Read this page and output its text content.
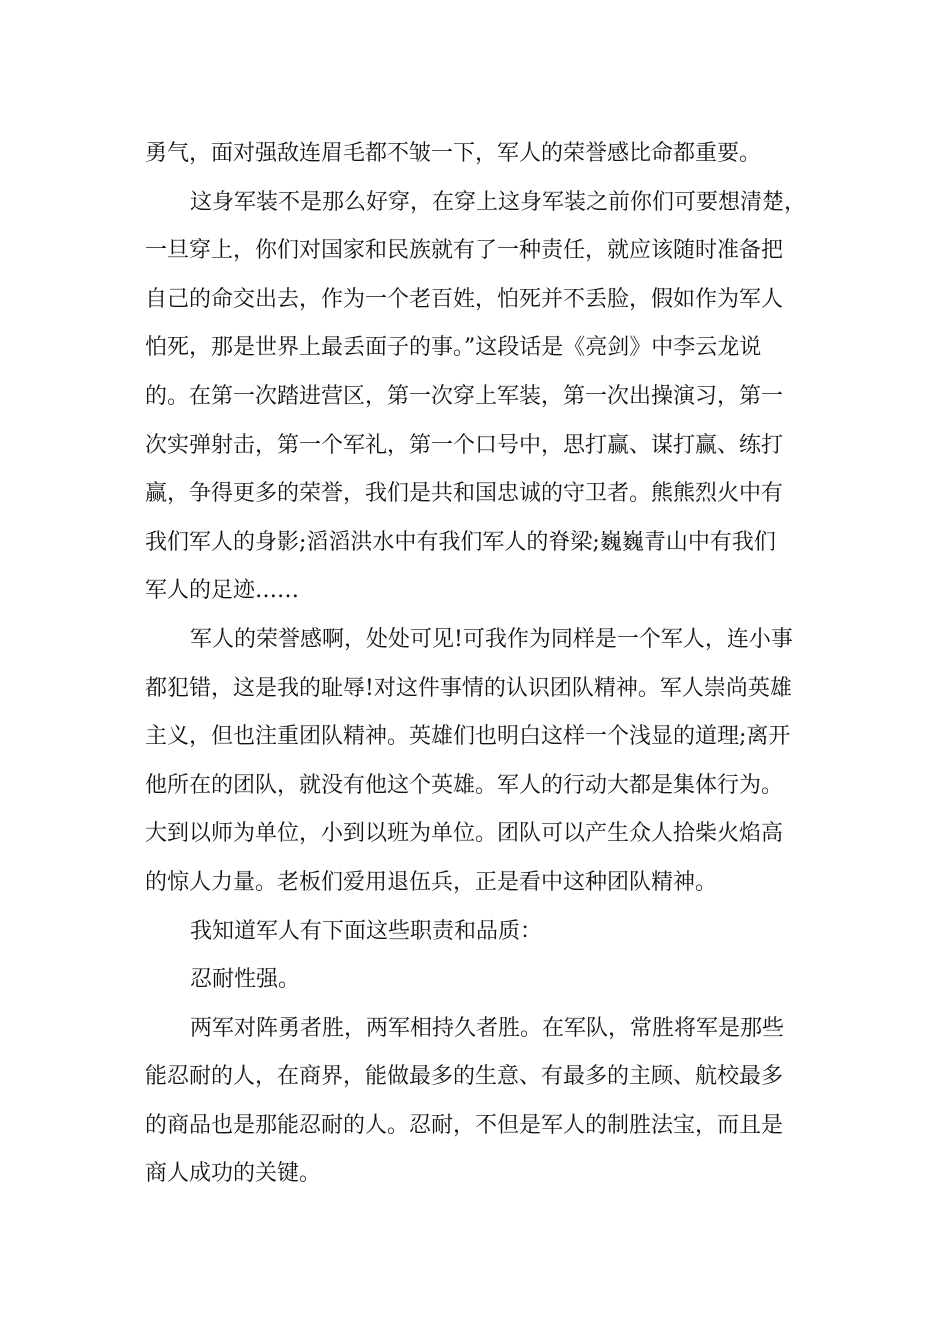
勇气，面对强敌连眉毛都不皱一下，军人的荣誉感比命都重要。
这身军装不是那么好穿，在穿上这身军装之前你们可要想清楚，
一旦穿上，你们对国家和民族就有了一种责任，就应该随时准备把
自己的命交出去，作为一个老百姓，怕死并不丢脸，假如作为军人
怕死，那是世界上最丢面子的事。”这段话是《亮剑》中李云龙说
的。在第一次踏进营区，第一次穿上军装，第一次出操演习，第一
次实弹射击，第一个军礼，第一个口号中，思打赢、谋打赢、练打
赢，争得更多的荣誉，我们是共和国忠诚的守卫者。熊熊烈火中有
我们军人的身影;滔滔洪水中有我们军人的脊梁;巍巍青山中有我们
军人的足迹……
军人的荣誉感啊，处处可见!可我作为同样是一个军人，连小事
都犯错，这是我的耻辱!对这件事情的认识团队精神。军人崇尚英雄
主义，但也注重团队精神。英雄们也明白这样一个浅显的道理;离开
他所在的团队，就没有他这个英雄。军人的行动大都是集体行为。
大到以师为单位，小到以班为单位。团队可以产生众人拾柴火焰高
的惊人力量。老板们爱用退伍兵，正是看中这种团队精神。
我知道军人有下面这些职责和品质：
忍耐性强。
两军对阵勇者胜，两军相持久者胜。在军队，常胜将军是那些
能忍耐的人，在商界，能做最多的生意、有最多的主顾、航校最多
的商品也是那能忍耐的人。忍耐，不但是军人的制胜法宝，而且是
商人成功的关键。
